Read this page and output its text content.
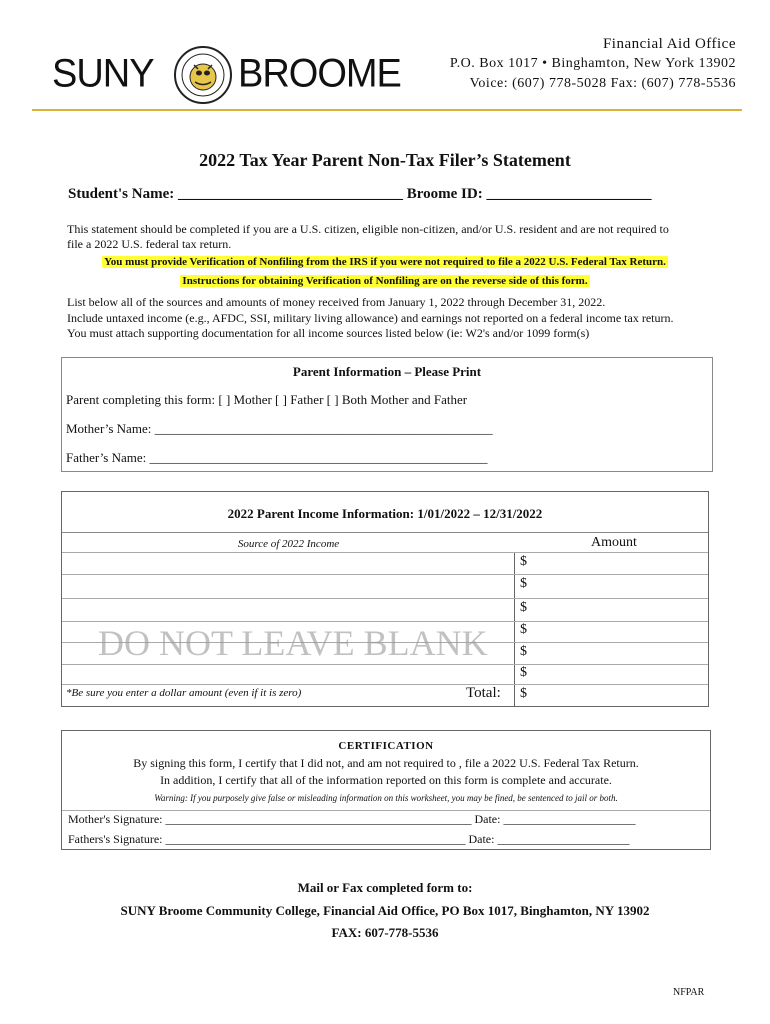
SUNY BROOME
Financial Aid Office
P.O. Box 1017 • Binghamton, New York 13902
Voice: (607) 778-5028 Fax: (607) 778-5536
2022 Tax Year Parent Non-Tax Filer’s Statement
Student's Name: ______________________________ Broome ID: ______________________
This statement should be completed if you are a U.S. citizen, eligible non-citizen, and/or U.S. resident and are not required to
file a 2022 U.S. federal tax return.
You must provide Verification of Nonfiling from the IRS if you were not required to file a 2022 U.S. Federal Tax Return.
Instructions for obtaining Verification of Nonfiling are on the reverse side of this form.
List below all of the sources and amounts of money received from January 1, 2022 through December 31, 2022.
Include untaxed income (e.g., AFDC, SSI, military living allowance) and earnings not reported on a federal income tax return.
You must attach supporting documentation for all income sources listed below (ie: W2's and/or 1099 form(s)
Parent Information – Please Print
Parent completing this form: [ ] Mother [ ] Father [ ] Both Mother and Father
Mother’s Name: ____________________________________________________
Father’s Name: ____________________________________________________
2022 Parent Income Information: 1/01/2022 – 12/31/2022
Source of 2022 Income	Amount
$
$
$
$
$
$
$
DO NOT LEAVE BLANK
*Be sure you enter a dollar amount (even if it is zero)	Total:
CERTIFICATION
By signing this form, I certify that I did not, and am not required to , file a 2022 U.S. Federal Tax Return.
In addition, I certify that all of the information reported on this form is complete and accurate.
Warning: If you purposely give false or misleading information on this worksheet, you may be fined, be sentenced to jail or both.
Mother's Signature: ___________________________________________________ Date: ______________________
Fathers's Signature: __________________________________________________ Date: ______________________
Mail or Fax completed form to:
SUNY Broome Community College, Financial Aid Office, PO Box 1017, Binghamton, NY 13902
FAX: 607-778-5536
NFPAR
